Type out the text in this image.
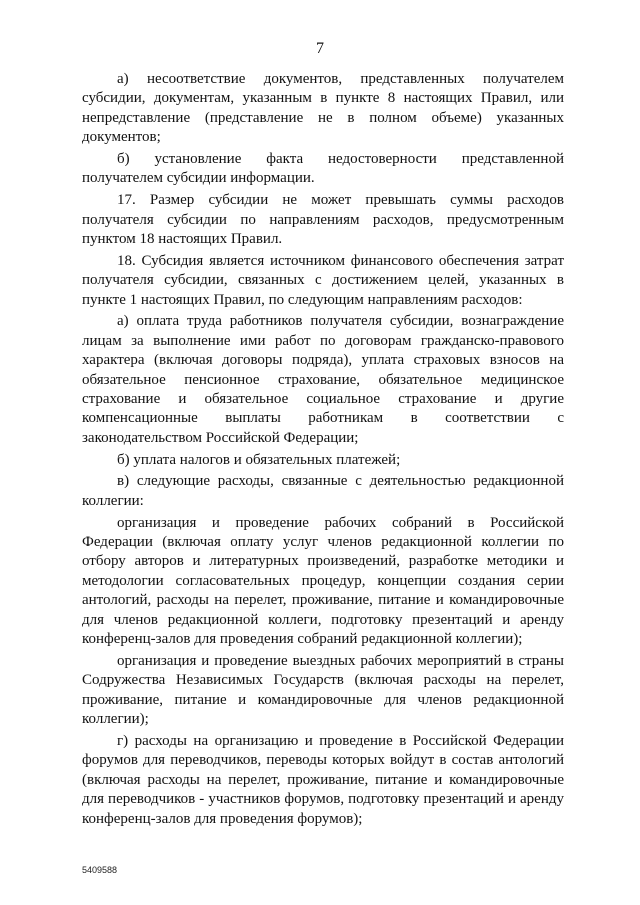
7

а) несоответствие документов, представленных получателем субсидии, документам, указанным в пункте 8 настоящих Правил, или непредставление (представление не в полном объеме) указанных документов;

б) установление факта недостоверности представленной получателем субсидии информации.

17. Размер субсидии не может превышать суммы расходов получателя субсидии по направлениям расходов, предусмотренным пунктом 18 настоящих Правил.

18. Субсидия является источником финансового обеспечения затрат получателя субсидии, связанных с достижением целей, указанных в пункте 1 настоящих Правил, по следующим направлениям расходов:

а) оплата труда работников получателя субсидии, вознаграждение лицам за выполнение ими работ по договорам гражданско-правового характера (включая договоры подряда), уплата страховых взносов на обязательное пенсионное страхование, обязательное медицинское страхование и обязательное социальное страхование и другие компенсационные выплаты работникам в соответствии с законодательством Российской Федерации;

б) уплата налогов и обязательных платежей;

в) следующие расходы, связанные с деятельностью редакционной коллегии:

организация и проведение рабочих собраний в Российской Федерации (включая оплату услуг членов редакционной коллегии по отбору авторов и литературных произведений, разработке методики и методологии согласовательных процедур, концепции создания серии антологий, расходы на перелет, проживание, питание и командировочные для членов редакционной коллеги, подготовку презентаций и аренду конференц-залов для проведения собраний редакционной коллегии);

организация и проведение выездных рабочих мероприятий в страны Содружества Независимых Государств (включая расходы на перелет, проживание, питание и командировочные для членов редакционной коллегии);

г) расходы на организацию и проведение в Российской Федерации форумов для переводчиков, переводы которых войдут в состав антологий (включая расходы на перелет, проживание, питание и командировочные для переводчиков - участников форумов, подготовку презентаций и аренду конференц-залов для проведения форумов);

5409588
